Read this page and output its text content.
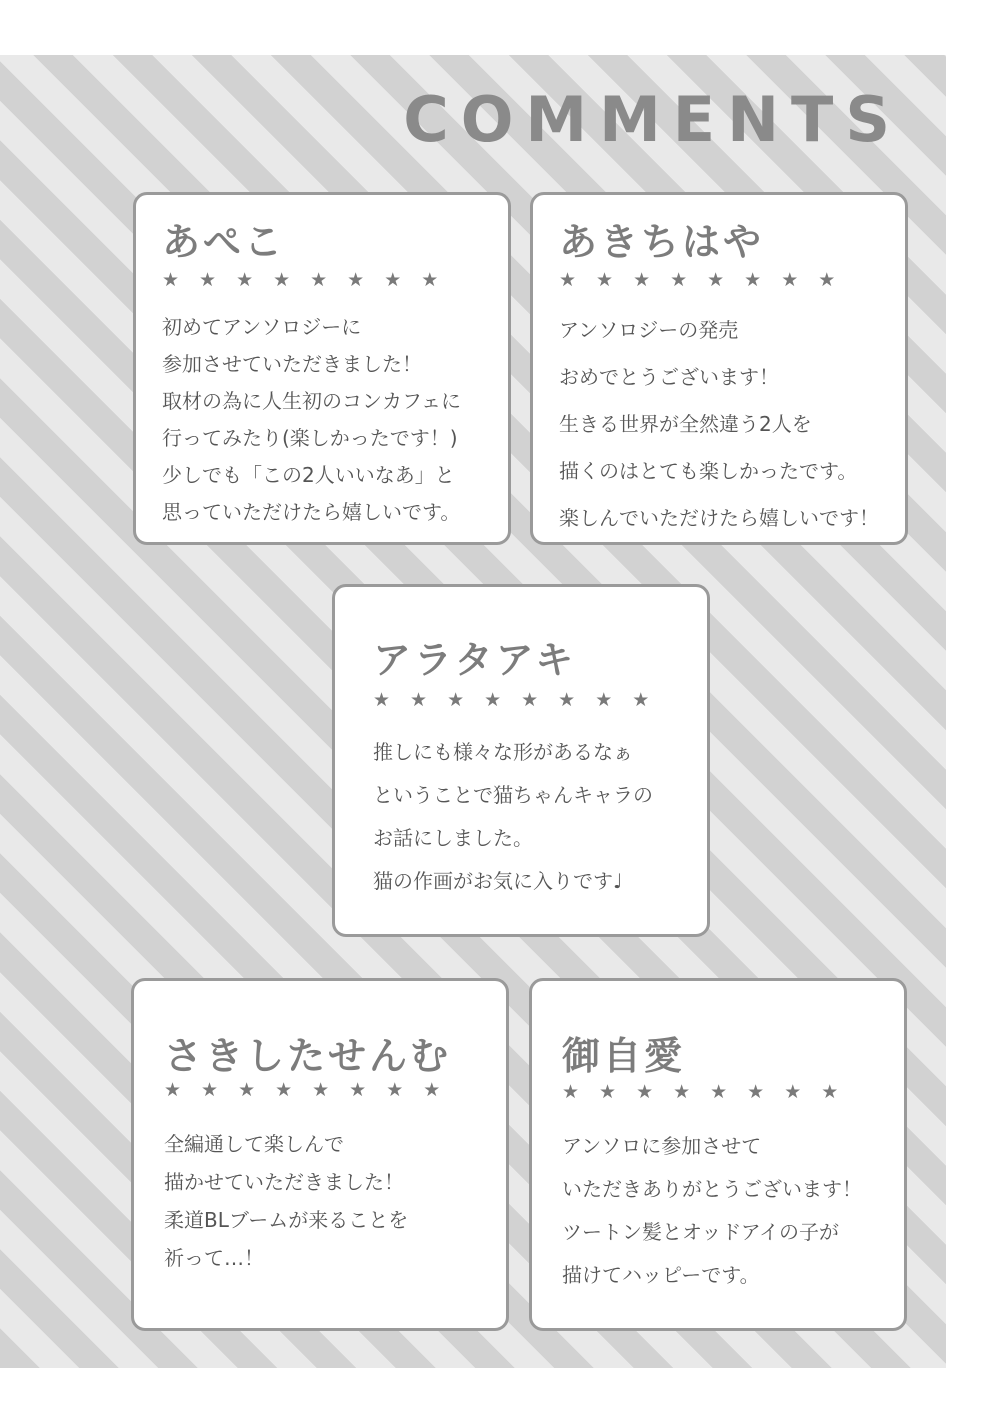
COMMENTS
あぺこ
★★★★★★★★
初めてアンソロジーに
参加させていただきました！
取材の為に人生初のコンカフェに
行ってみたり(楽しかったです！)
少しでも「この2人いいなあ」と
思っていただけたら嬉しいです。
あきちはや
★★★★★★★★
アンソロジーの発売
おめでとうございます！
生きる世界が全然違う2人を
描くのはとても楽しかったです。
楽しんでいただけたら嬉しいです！
アラタアキ
★★★★★★★★
推しにも様々な形があるなぁ
ということで猫ちゃんキャラの
お話にしました。
猫の作画がお気に入りです♩
さきしたせんむ
★★★★★★★★
全編通して楽しんで
描かせていただきました！
柔道BLブームが来ることを
祈って…！
御自愛
★★★★★★★★
アンソロに参加させて
いただきありがとうございます！
ツートン髪とオッドアイの子が
描けてハッピーです。
